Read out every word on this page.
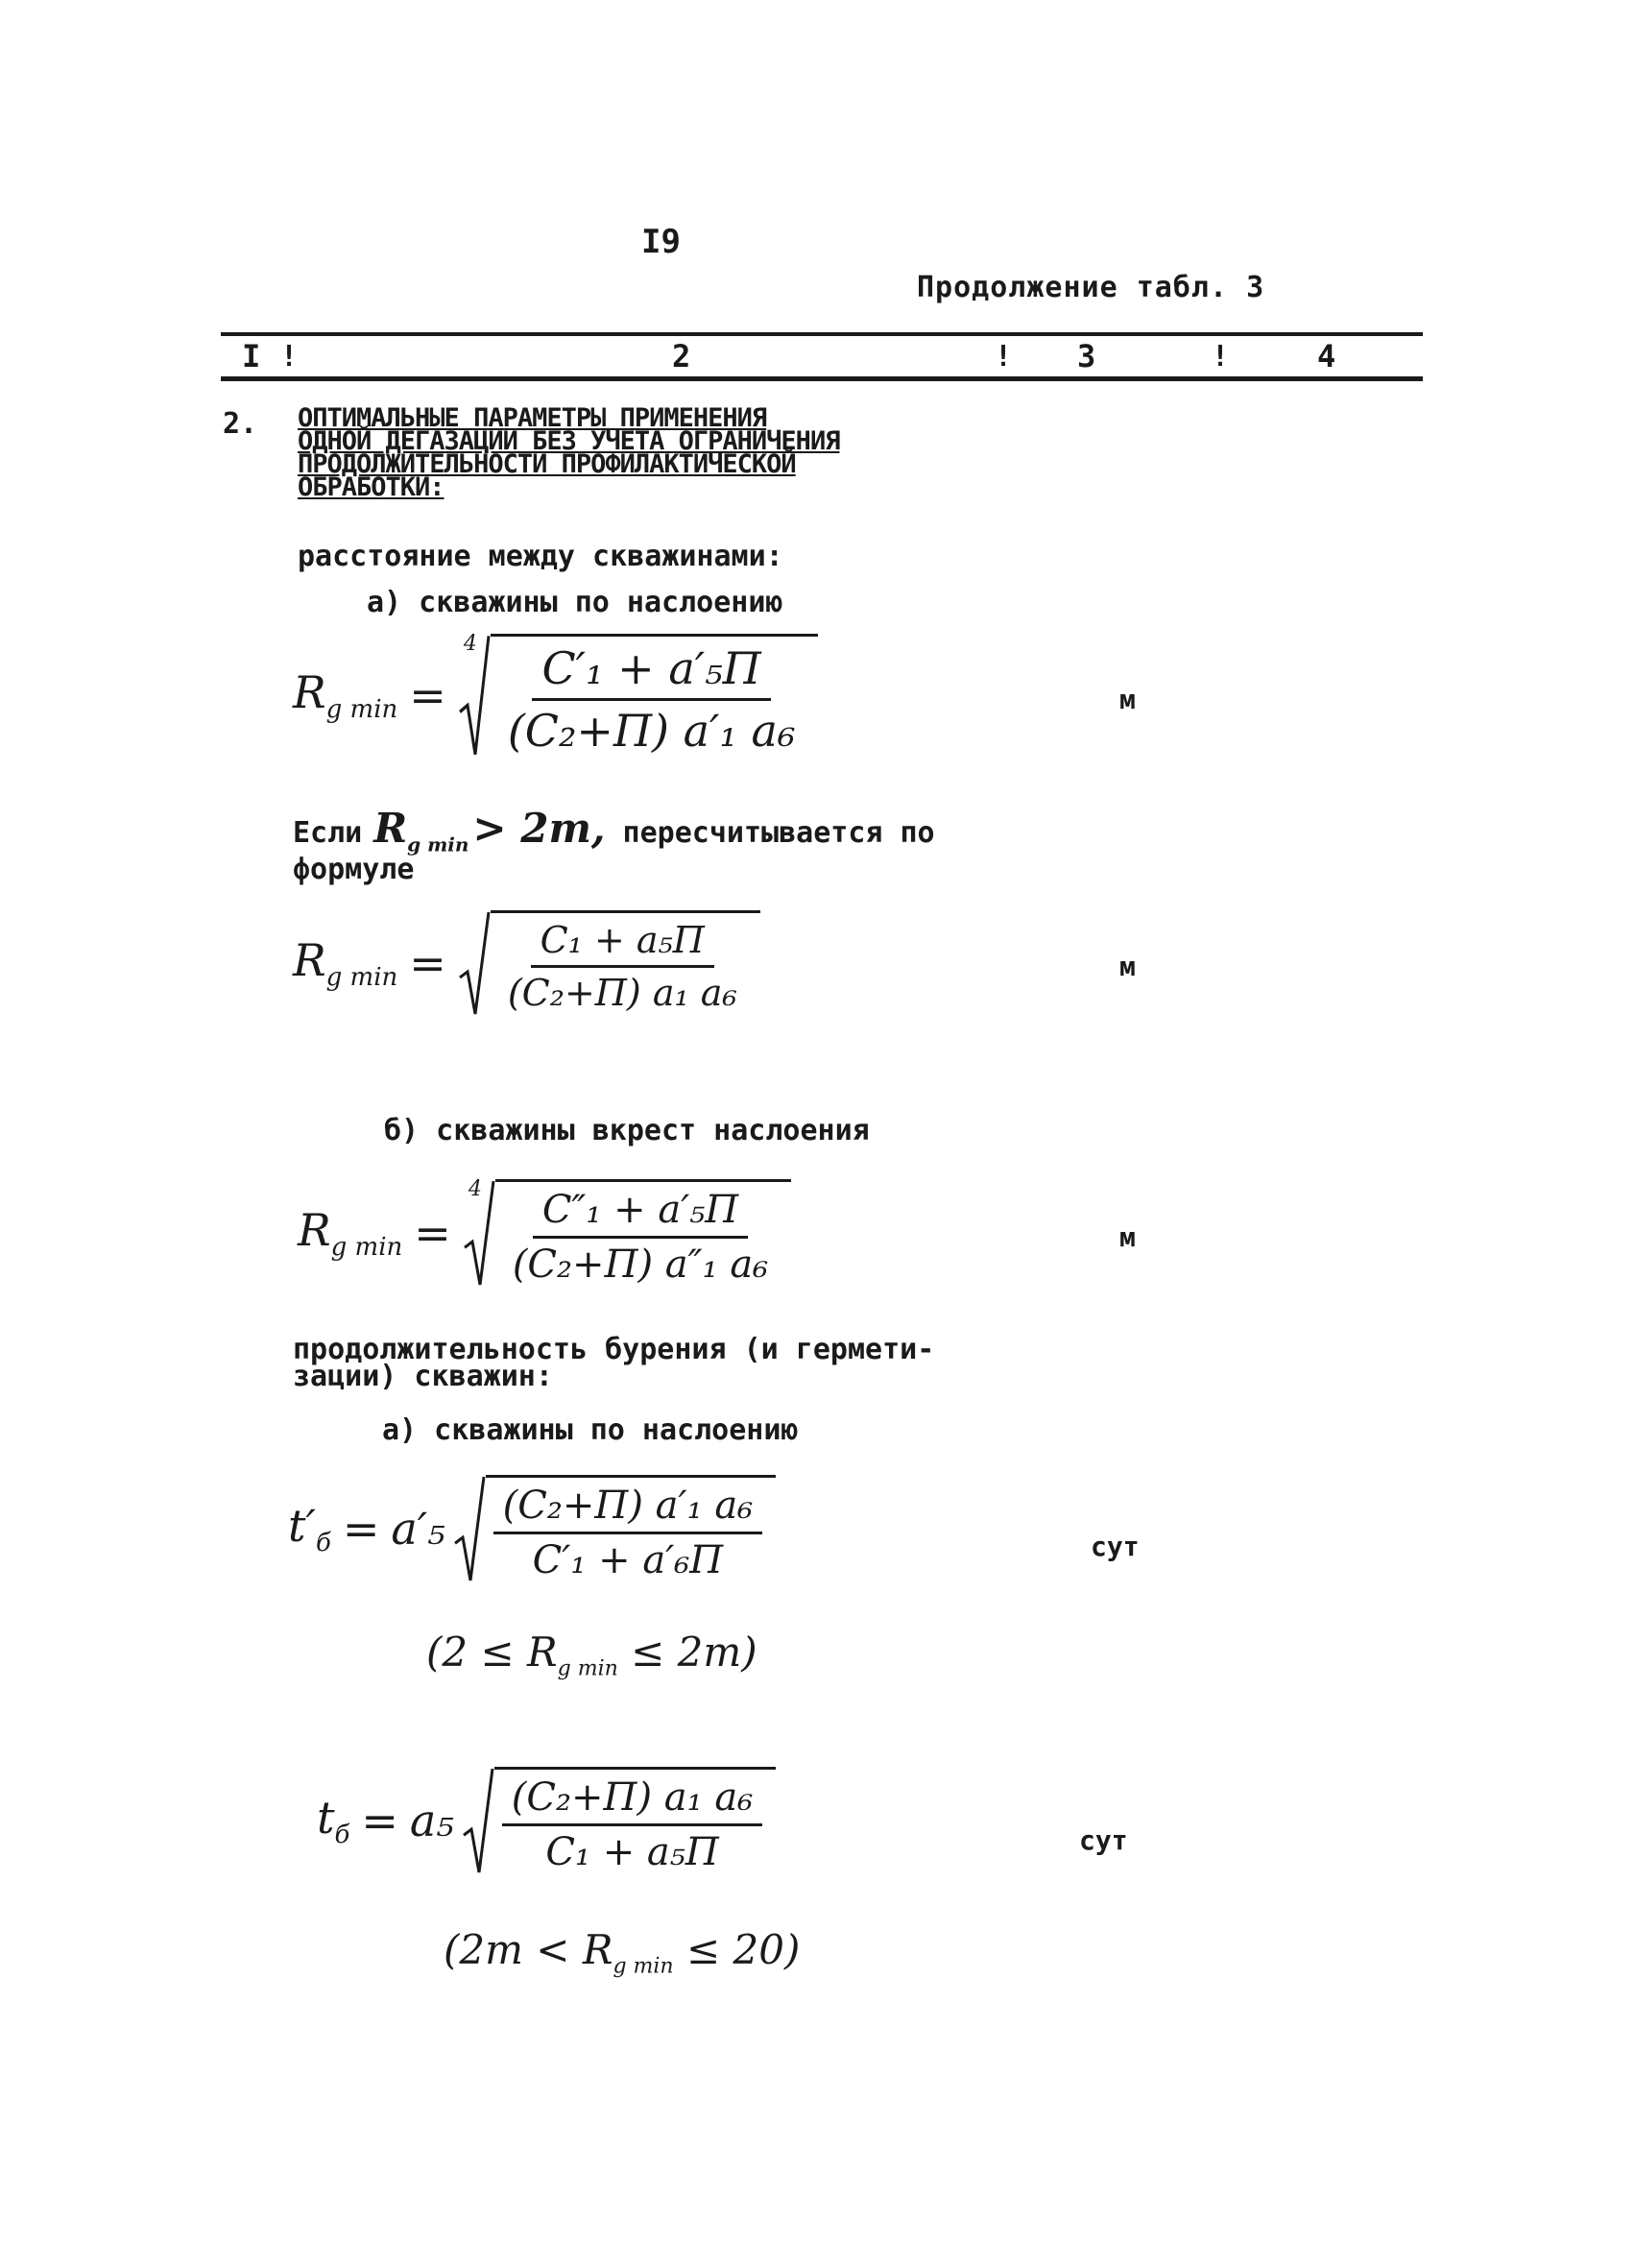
I9
Продолжение табл. 3
I !	2	! 3	!	4
2. ОПТИМАЛЬНЫЕ ПАРАМЕТРЫ ПРИМЕНЕНИЯ
ОДНОЙ ДЕГАЗАЦИИ БЕЗ УЧЕТА ОГРАНИЧЕНИЯ
ПРОДОЛЖИТЕЛЬНОСТИ ПРОФИЛАКТИЧЕСКОЙ
ОБРАБОТКИ:
расстояние между скважинами:
а) скважины по наслоению
$R_{g min}$ =
$4 \frac{\text{C′₁ + a′₅П}}{\text{(C₂+П) a′₁ a₆}}$	м
Если $R_{g min}> 2m$, пересчитывается по
формуле
$R_{g min} = \frac{\text{C₁ + a₅П}}{\text{(C₂+П) a₁ a₆}}$	м
б) скважины вкрест наслоения
$R_{g min}$ =
$4 \frac{\text{C″₁ + a′₅П}}{\text{(C₂+П) a″₁ a₆}}$	м
продолжительность бурения (и гермети-
зации) скважин:
а) скважины по наслоению
$t'_б = a'_5 \frac{\text{(C₂+П) a′₁ a₆}}{\text{C′₁ + a′₆П}}$	сут
$(2 \le R_{g min} \le 2m)$
$t_б = a_5 \frac{\text{(C₂+П) a₁ a₆}}{\text{C₁ + a₅П}}$	сут
$(2m < R_{g min} \le 20)$
